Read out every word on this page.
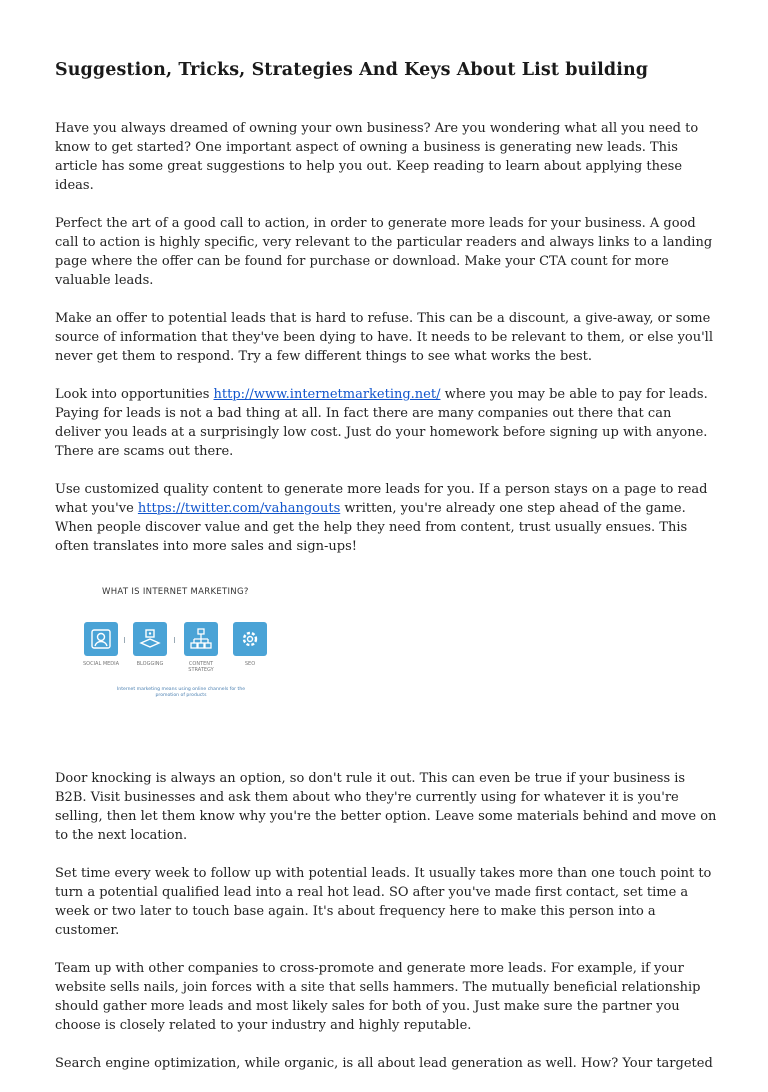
Suggestion, Tricks, Strategies And Keys About List building

Have you always dreamed of owning your own business? Are you wondering what all you need to know to get started? One important aspect of owning a business is generating new leads. This article has some great suggestions to help you out. Keep reading to learn about applying these ideas.

Perfect the art of a good call to action, in order to generate more leads for your business. A good call to action is highly specific, very relevant to the particular readers and always links to a landing page where the offer can be found for purchase or download. Make your CTA count for more valuable leads.

Make an offer to potential leads that is hard to refuse. This can be a discount, a give-away, or some source of information that they've been dying to have. It needs to be relevant to them, or else you'll never get them to respond. Try a few different things to see what works the best.

Look into opportunities http://www.internetmarketing.net/ where you may be able to pay for leads. Paying for leads is not a bad thing at all. In fact there are many companies out there that can deliver you leads at a surprisingly low cost. Just do your homework before signing up with anyone. There are scams out there.

Use customized quality content to generate more leads for you. If a person stays on a page to read what you've https://twitter.com/vahangouts written, you're already one step ahead of the game. When people discover value and get the help they need from content, trust usually ensues. This often translates into more sales and sign-ups!

WHAT IS INTERNET MARKETING?
SOCIAL MEDIA	BLOGGING	CONTENT STRATEGY
SEO
Internet marketing means using online channels for the promotion of products

Door knocking is always an option, so don't rule it out. This can even be true if your business is B2B. Visit businesses and ask them about who they're currently using for whatever it is you're selling, then let them know why you're the better option. Leave some materials behind and move on to the next location.

Set time every week to follow up with potential leads. It usually takes more than one touch point to turn a potential qualified lead into a real hot lead. SO after you've made first contact, set time a week or two later to touch base again. It's about frequency here to make this person into a customer.

Team up with other companies to cross-promote and generate more leads. For example, if your website sells nails, join forces with a site that sells hammers. The mutually beneficial relationship should gather more leads and most likely sales for both of you. Just make sure the partner you choose is closely related to your industry and highly reputable.

Search engine optimization, while organic, is all about lead generation as well. How? Your targeted
